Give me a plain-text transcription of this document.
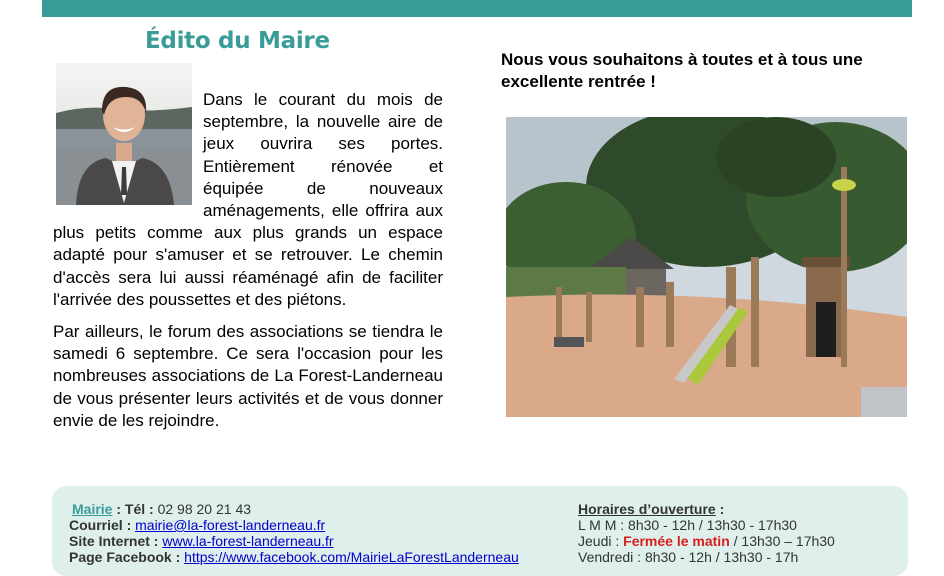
Édito du Maire

Dans le courant du mois de septembre, la nouvelle aire de jeux ouvrira ses portes. Entièrement rénovée et équipée de nouveaux aménagements, elle offrira aux plus petits comme aux plus grands un espace adapté pour s'amuser et se retrouver. Le chemin d'accès sera lui aussi réaménagé afin de faciliter l'arrivée des poussettes et des piétons.

Par ailleurs, le forum des associations se tiendra le samedi 6 septembre. Ce sera l'occasion pour les nombreuses associations de La Forest-Landerneau de vous présenter leurs activités et de vous donner envie de les rejoindre.

Nous vous souhaitons à toutes et à tous une excellente rentrée !
Mairie : Tél : 02 98 20 21 43
Courriel : mairie@la-forest-landerneau.fr
Site Internet : www.la-forest-landerneau.fr
Page Facebook : https://www.facebook.com/MairieLaForestLanderneau
Horaires d’ouverture :
L M M : 8h30 - 12h / 13h30 - 17h30
Jeudi : Fermée le matin / 13h30 – 17h30
Vendredi : 8h30 - 12h / 13h30 - 17h
